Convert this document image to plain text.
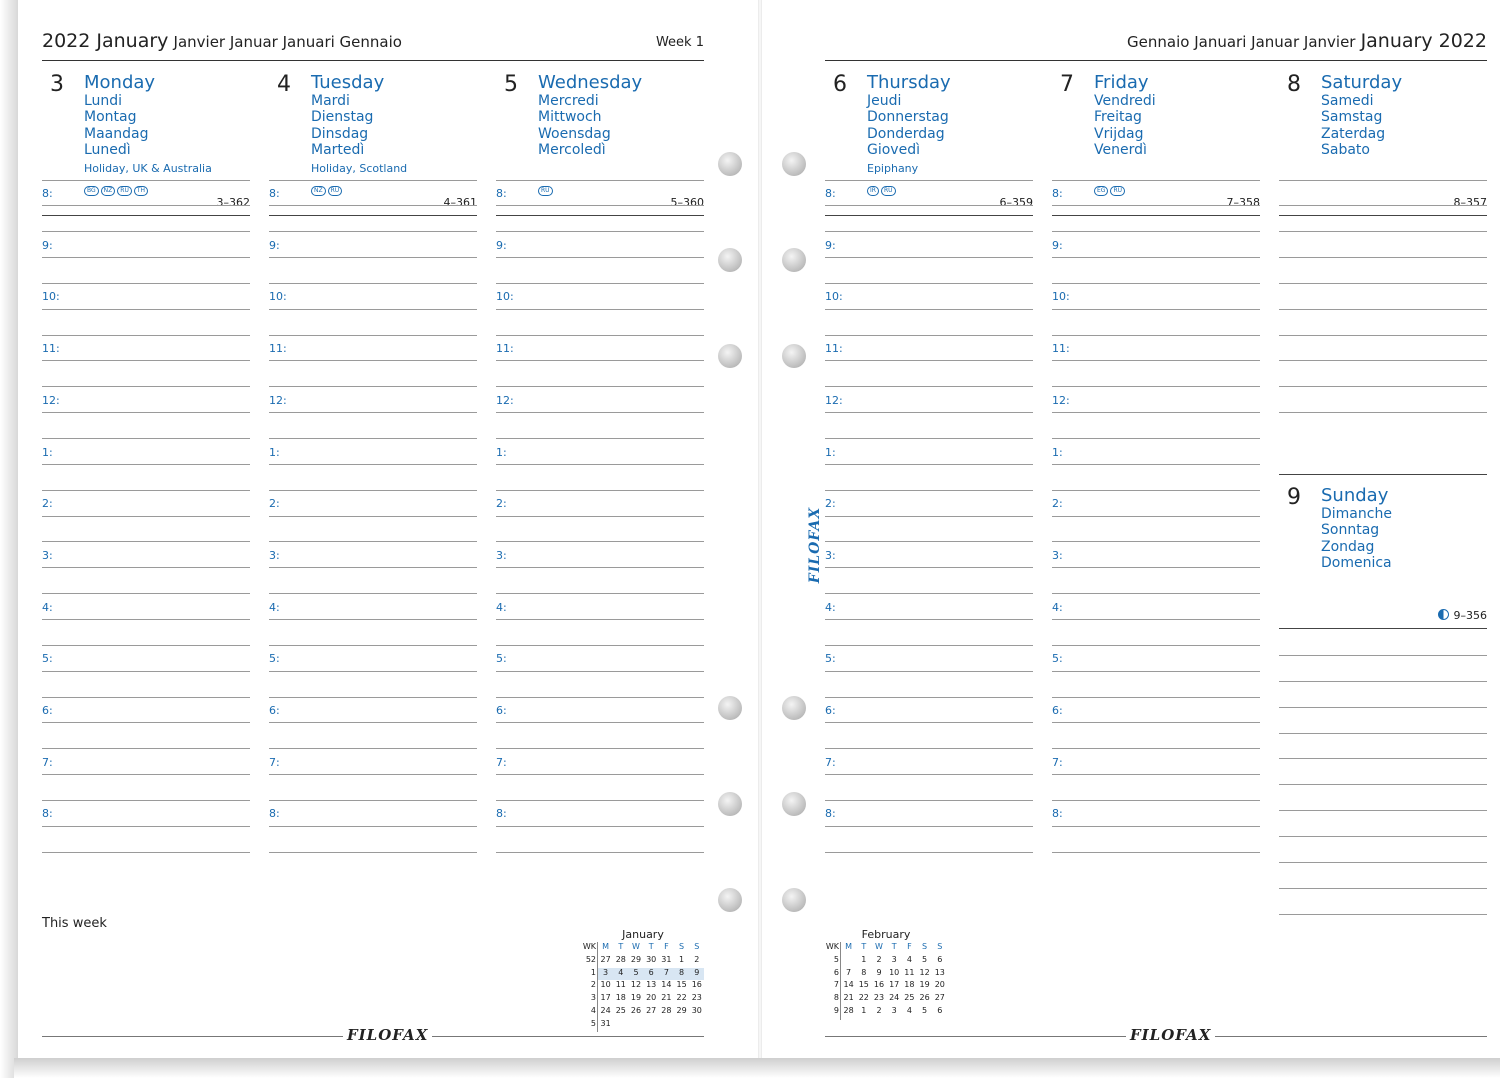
2022 January Janvier Januar Januari Gennaio	Week 1	Gennaio Januari Januar Janvier January 2022
3 Monday
Lundi
Montag
Maandag
Lunedì
Holiday, UK & Australia
BG NZ RU TH
3–362
8:
9:
10:
11:
12:
1:
2:
3:
4:
5:
6:
7:
8:
4 Tuesday
Mardi
Dienstag
Dinsdag
Martedì
Holiday, Scotland
NZ RU
4–361
8:
9:
10:
11:
12:
1:
2:
3:
4:
5:
6:
7:
8:
5 Wednesday
Mercredi
Mittwoch
Woensdag
Mercoledì
RU
5–360
8:
9:
10:
11:
12:
1:
2:
3:
4:
5:
6:
7:
8:
6 Thursday
Jeudi
Donnerstag
Donderdag
Giovedì
Epiphany
IR RU
6–359
8:
9:
10:
11:
12:
1:
2:
3:
4:
5:
6:
7:
8:
7 Friday
Vendredi
Freitag
Vrijdag
Venerdì
EG RU
7–358
8:
9:
10:
11:
12:
1:
2:
3:
4:
5:
6:
7:
8:
8 Saturday
Samedi
Samstag
Zaterdag
Sabato
8–357
9 Sunday
Dimanche
Sonntag
Zondag
Domenica
9–356
FILOFAX
This week
January
WK M	T	W	T	F	S	S
52 27 28 29 30 31 1	2
1 3	4	5	6	7	8	9
2 10 11 12 13 14 15 16
3 17 18 19 20 21 22 23
4 24 25 26 27 28 29 30
5 31
February
WK M	T	W	T	F	S	S
5	1	2	3	4	5	6
6 7	8	9 10 11 12 13
7 14 15 16 17 18 19 20
8 21 22 23 24 25 26 27
9 28 1	2	3	4	5	6
FILOFAX	FILOFAX
